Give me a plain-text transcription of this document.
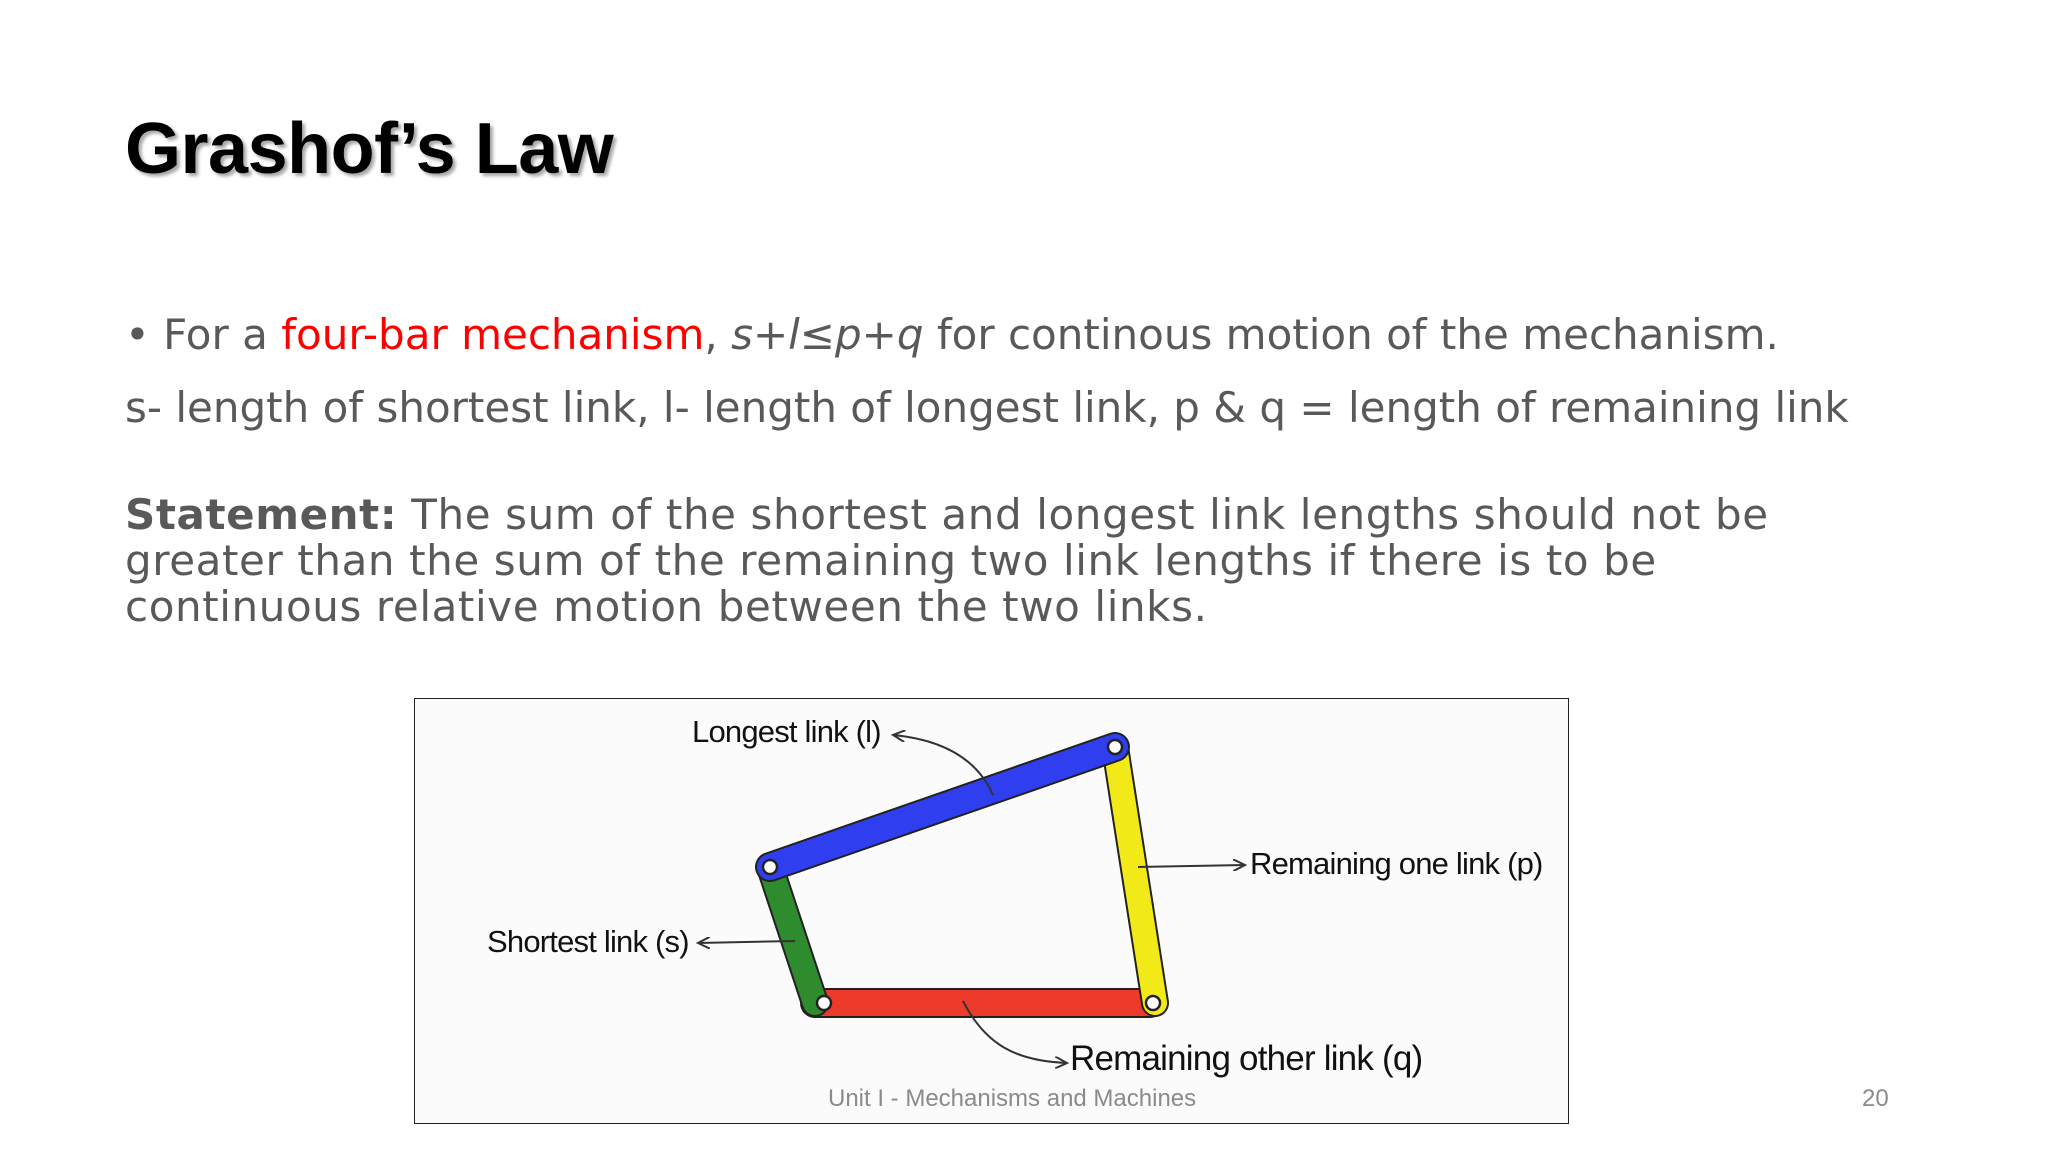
Grashof’s Law
• For a four-bar mechanism, s+l≤p+q for continous motion of the mechanism.
s- length of shortest link, l- length of longest link, p & q = length of remaining link
Statement: The sum of the shortest and longest link lengths should not be greater than the sum of the remaining two link lengths if there is to be continuous relative motion between the two links.
Longest link (l)
Remaining one link (p)
Shortest link (s)
Remaining other link (q)
Unit I - Mechanisms and Machines	20
